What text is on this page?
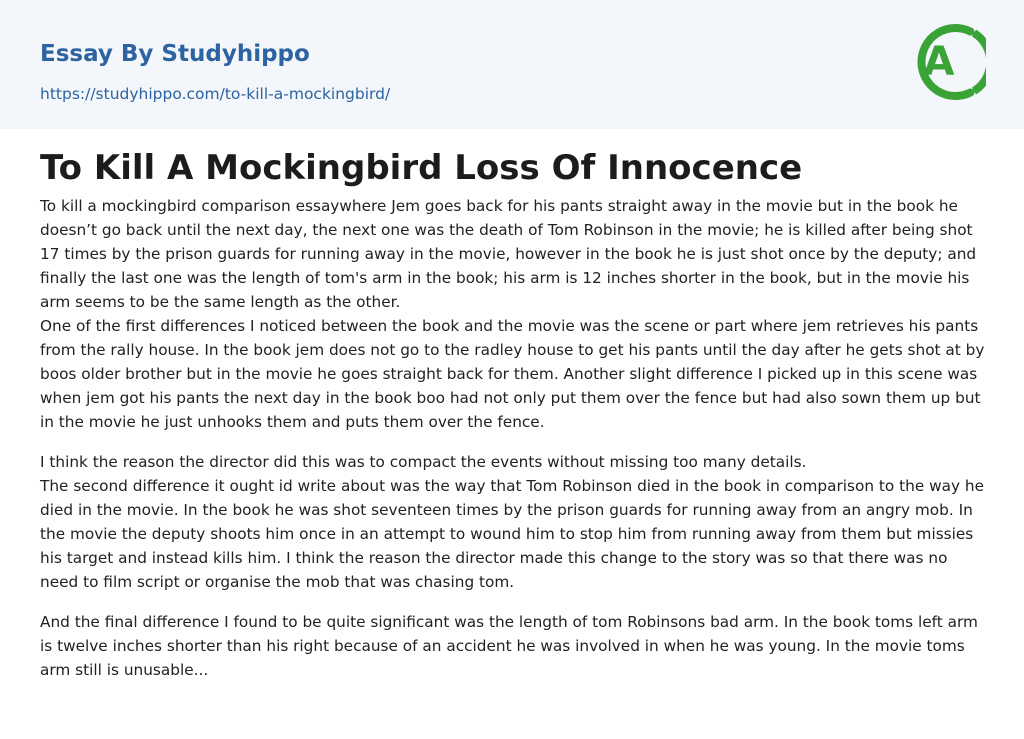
Essay By Studyhippo
https://studyhippo.com/to-kill-a-mockingbird/
A
To Kill A Mockingbird Loss Of Innocence

To kill a mockingbird comparison essaywhere Jem goes back for his pants straight away in the movie but in the book he doesn’t go back until the next day, the next one was the death of Tom Robinson in the movie; he is killed after being shot 17 times by the prison guards for running away in the movie, however in the book he is just shot once by the deputy; and finally the last one was the length of tom's arm in the book; his arm is 12 inches shorter in the book, but in the movie his arm seems to be the same length as the other.

One of the first differences I noticed between the book and the movie was the scene or part where jem retrieves his pants from the rally house. In the book jem does not go to the radley house to get his pants until the day after he gets shot at by boos older brother but in the movie he goes straight back for them. Another slight difference I picked up in this scene was when jem got his pants the next day in the book boo had not only put them over the fence but had also sown them up but in the movie he just unhooks them and puts them over the fence.

I think the reason the director did this was to compact the events without missing too many details.

The second difference it ought id write about was the way that Tom Robinson died in the book in comparison to the way he died in the movie. In the book he was shot seventeen times by the prison guards for running away from an angry mob. In the movie the deputy shoots him once in an attempt to wound him to stop him from running away from them but missies his target and instead kills him. I think the reason the director made this change to the story was so that there was no need to film script or organise the mob that was chasing tom.

And the final difference I found to be quite significant was the length of tom Robinsons bad arm. In the book toms left arm is twelve inches shorter than his right because of an accident he was involved in when he was young. In the movie toms arm still is unusable...
